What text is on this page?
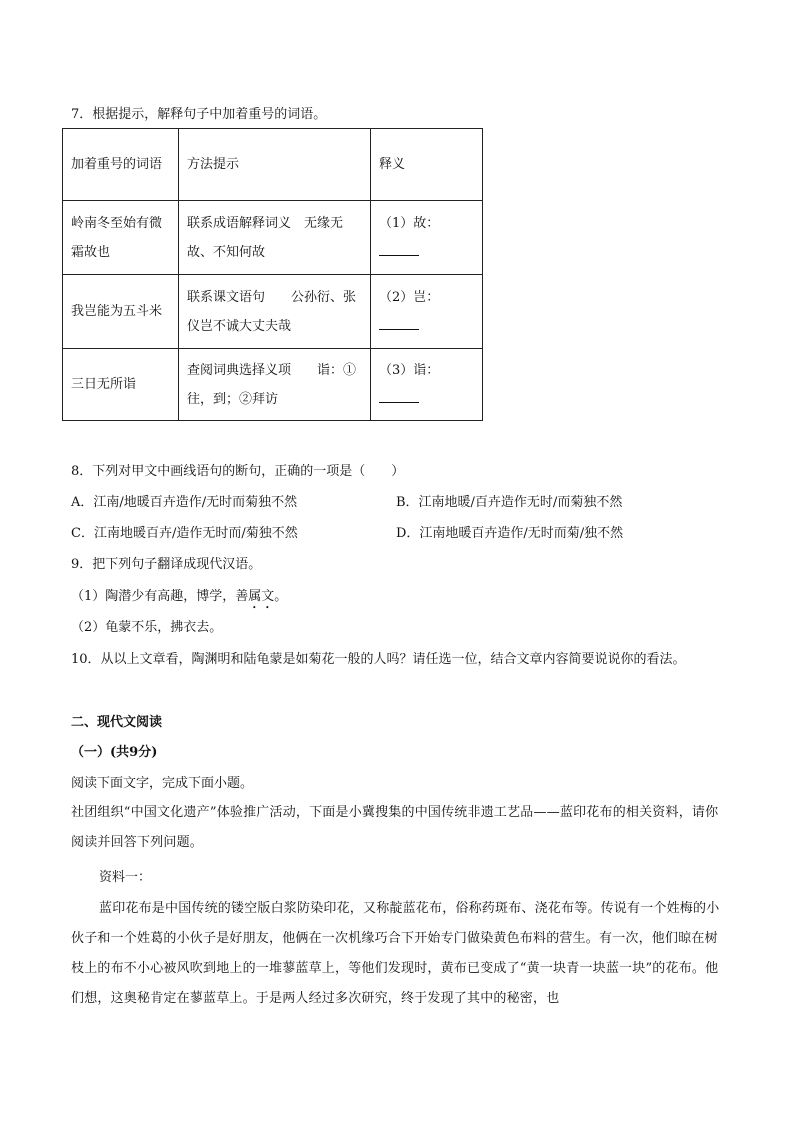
7．根据提示，解释句子中加着重号的词语。
加着重号的词语	方法提示	释义
岭南冬至始有微霜故也	联系成语解释词义　无缘无故、不知何故	（1）故：

我岂能为五斗米	联系课文语句　　公孙衍、张仪岂不诚大丈夫哉	（2）岂：

三日无所诣	查阅词典选择义项　　诣：①往，到；②拜访	（3）诣：
8．下列对甲文中画线语句的断句，正确的一项是（　　）
A．江南/地暖百卉造作/无时而菊独不然	B．江南地暖/百卉造作无时/而菊独不然
C．江南地暖百卉/造作无时而/菊独不然	D．江南地暖百卉造作/无时而菊/独不然
9．把下列句子翻译成现代汉语。
（1）陶潜少有高趣，博学，善属文。
（2）龟蒙不乐，拂衣去。
10．从以上文章看，陶渊明和陆龟蒙是如菊花一般的人吗？请任选一位，结合文章内容简要说说你的看法。
二、现代文阅读
（一）(共9分)
阅读下面文字，完成下面小题。
社团组织“中国文化遗产”体验推广活动，下面是小冀搜集的中国传统非遗工艺品——蓝印花布的相关资料，请你阅读并回答下列问题。
资料一：
蓝印花布是中国传统的镂空版白浆防染印花，又称靛蓝花布，俗称药斑布、浇花布等。传说有一个姓梅的小伙子和一个姓葛的小伙子是好朋友，他俩在一次机缘巧合下开始专门做染黄色布料的营生。有一次，他们晾在树枝上的布不小心被风吹到地上的一堆蓼蓝草上，等他们发现时，黄布已变成了“黄一块青一块蓝一块”的花布。他们想，这奥秘肯定在蓼蓝草上。于是两人经过多次研究，终于发现了其中的秘密，也
